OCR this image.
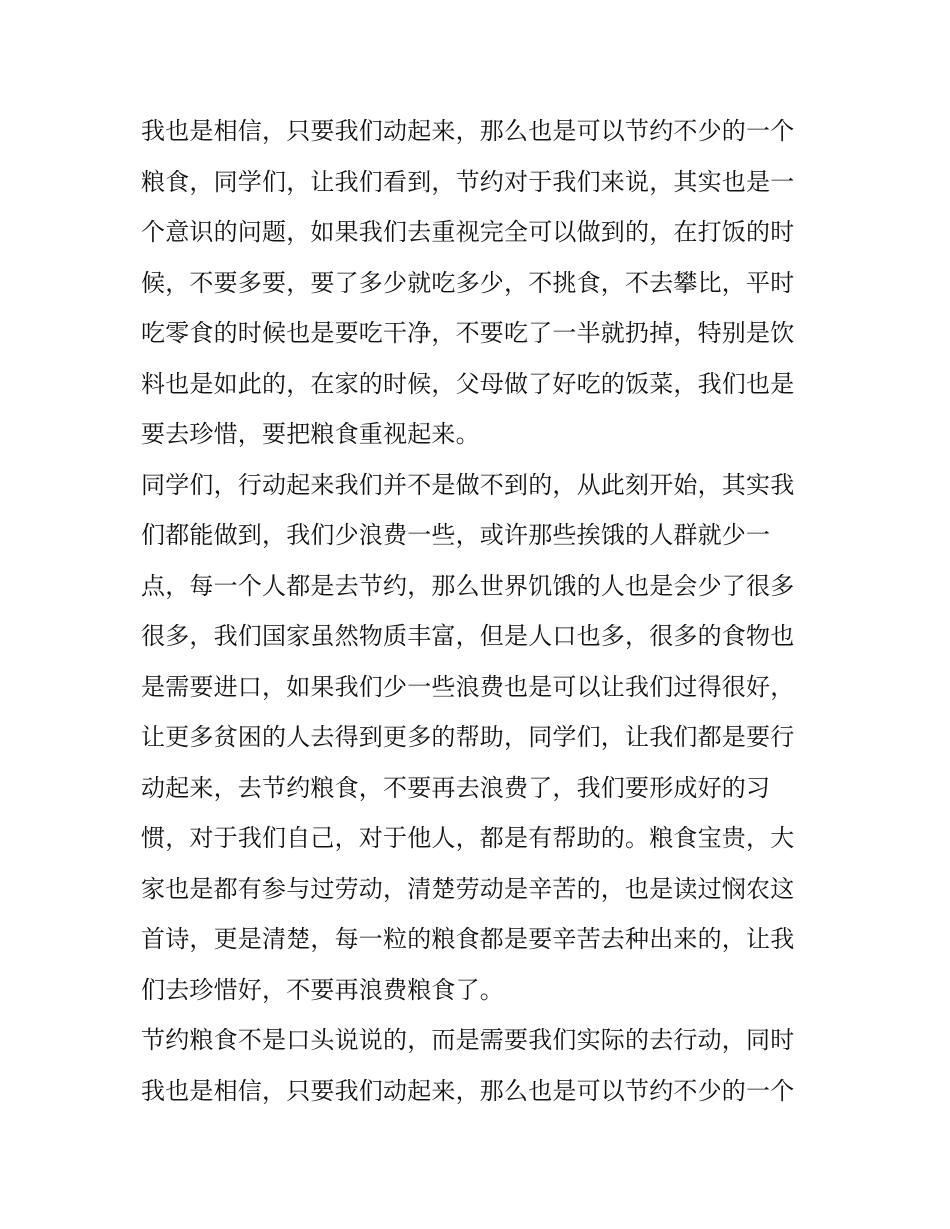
我也是相信，只要我们动起来，那么也是可以节约不少的一个
粮食，同学们，让我们看到，节约对于我们来说，其实也是一
个意识的问题，如果我们去重视完全可以做到的，在打饭的时
候，不要多要，要了多少就吃多少，不挑食，不去攀比，平时
吃零食的时候也是要吃干净，不要吃了一半就扔掉，特别是饮
料也是如此的，在家的时候，父母做了好吃的饭菜，我们也是
要去珍惜，要把粮食重视起来。
同学们，行动起来我们并不是做不到的，从此刻开始，其实我
们都能做到，我们少浪费一些，或许那些挨饿的人群就少一
点，每一个人都是去节约，那么世界饥饿的人也是会少了很多
很多，我们国家虽然物质丰富，但是人口也多，很多的食物也
是需要进口，如果我们少一些浪费也是可以让我们过得很好，
让更多贫困的人去得到更多的帮助，同学们，让我们都是要行
动起来，去节约粮食，不要再去浪费了，我们要形成好的习
惯，对于我们自己，对于他人，都是有帮助的。粮食宝贵，大
家也是都有参与过劳动，清楚劳动是辛苦的，也是读过悯农这
首诗，更是清楚，每一粒的粮食都是要辛苦去种出来的，让我
们去珍惜好，不要再浪费粮食了。
节约粮食不是口头说说的，而是需要我们实际的去行动，同时
我也是相信，只要我们动起来，那么也是可以节约不少的一个
